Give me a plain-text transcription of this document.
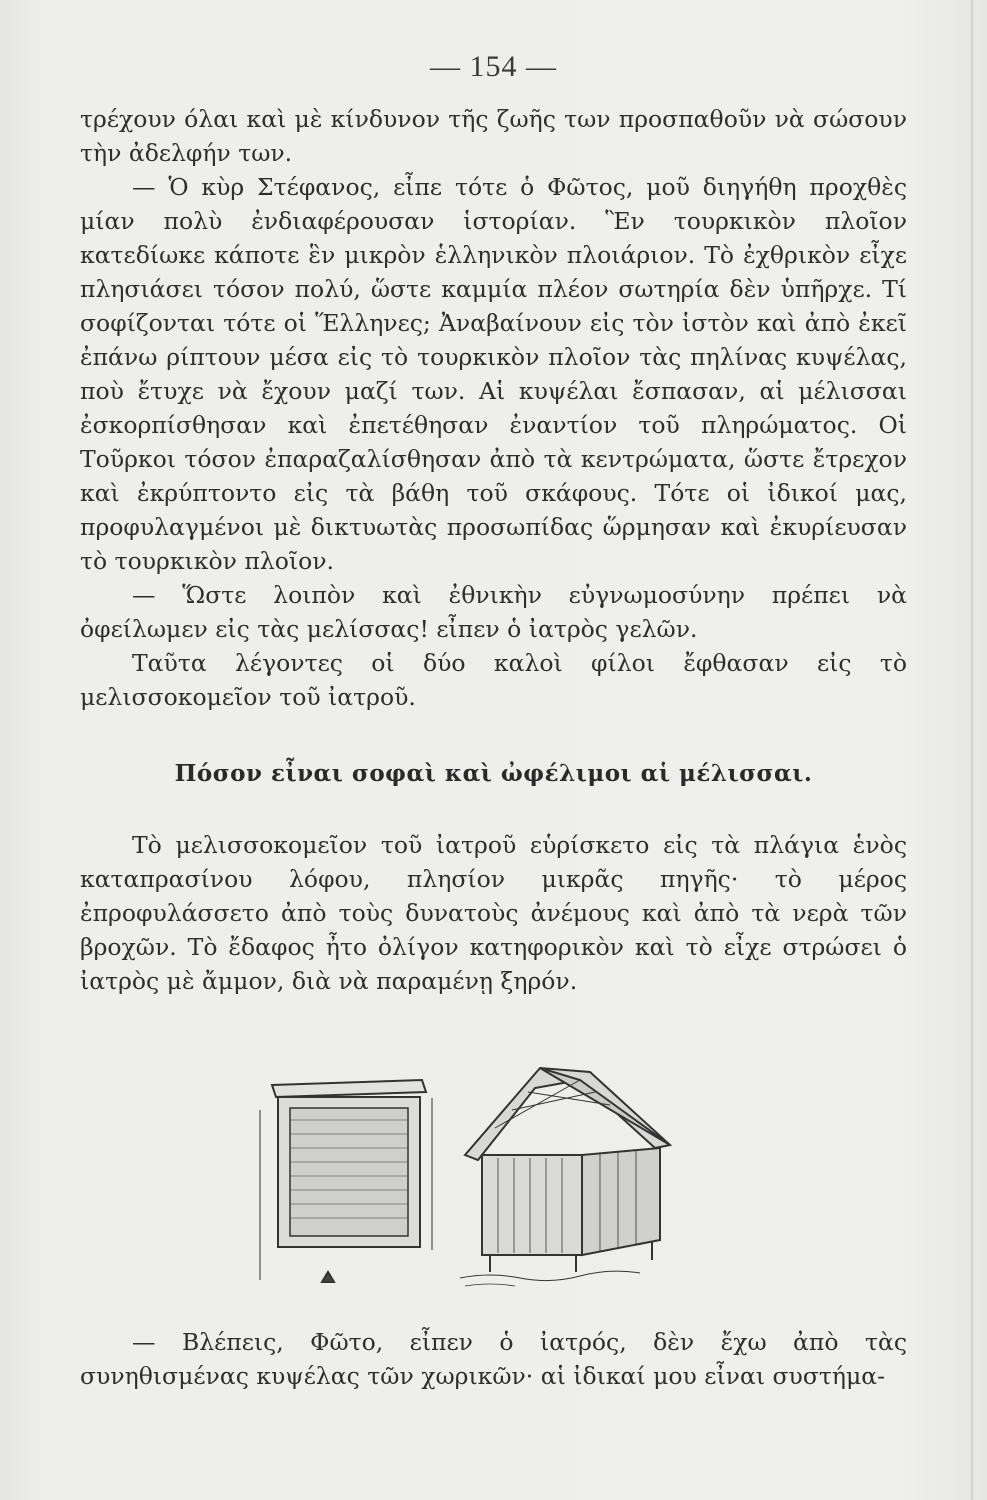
— 154 —

τρέχουν όλαι καὶ μὲ κίνδυνον τῆς ζωῆς των προσπαθοῦν νὰ σώσουν τὴν ἀδελφήν των.

— Ὁ κὺρ Στέφανος, εἶπε τότε ὁ Φῶτος, μοῦ διηγήθη προχθὲς μίαν πολὺ ἐνδιαφέρουσαν ἱστορίαν. Ἓν τουρκικὸν πλοῖον κατεδίωκε κάποτε ἓν μικρὸν ἑλληνικὸν πλοιάριον. Τὸ ἐχθρικὸν εἶχε πλησιάσει τόσον πολύ, ὥστε καμμία πλέον σωτηρία δὲν ὑπῆρχε. Τί σοφίζονται τότε οἱ Ἕλληνες; Ἀναβαίνουν εἰς τὸν ἱστὸν καὶ ἀπὸ ἐκεῖ ἐπάνω ρίπτουν μέσα εἰς τὸ τουρκικὸν πλοῖον τὰς πηλίνας κυψέλας, ποὺ ἔτυχε νὰ ἔχουν μαζί των. Αἱ κυψέλαι ἔσπασαν, αἱ μέλισσαι ἐσκορπίσθησαν καὶ ἐπετέθησαν ἐναντίον τοῦ πληρώματος. Οἱ Τοῦρκοι τόσον ἐπαραζαλίσθησαν ἀπὸ τὰ κεντρώματα, ὥστε ἔτρεχον καὶ ἐκρύπτοντο εἰς τὰ βάθη τοῦ σκάφους. Τότε οἱ ἰδικοί μας, προφυλαγμένοι μὲ δικτυωτὰς προσωπίδας ὥρμησαν καὶ ἐκυρίευσαν τὸ τουρκικὸν πλοῖον.

— Ὥστε λοιπὸν καὶ ἐθνικὴν εὐγνωμοσύνην πρέπει νὰ ὀφείλωμεν εἰς τὰς μελίσσας! εἶπεν ὁ ἰατρὸς γελῶν.

Ταῦτα λέγοντες οἱ δύο καλοὶ φίλοι ἔφθασαν εἰς τὸ μελισσοκομεῖον τοῦ ἰατροῦ.

Πόσον εἶναι σοφαὶ καὶ ὠφέλιμοι αἱ μέλισσαι.

Τὸ μελισσοκομεῖον τοῦ ἰατροῦ εὑρίσκετο εἰς τὰ πλάγια ἑνὸς καταπρασίνου λόφου, πλησίον μικρᾶς πηγῆς· τὸ μέρος ἐπροφυλάσσετο ἀπὸ τοὺς δυνατοὺς ἀνέμους καὶ ἀπὸ τὰ νερὰ τῶν βροχῶν. Τὸ ἔδαφος ἦτο ὀλίγον κατηφορικὸν καὶ τὸ εἶχε στρώσει ὁ ἰατρὸς μὲ ἄμμον, διὰ νὰ παραμένῃ ξηρόν.

— Βλέπεις, Φῶτο, εἶπεν ὁ ἰατρός, δὲν ἔχω ἀπὸ τὰς συνηθισμένας κυψέλας τῶν χωρικῶν· αἱ ἰδικαί μου εἶναι συστήμα-
